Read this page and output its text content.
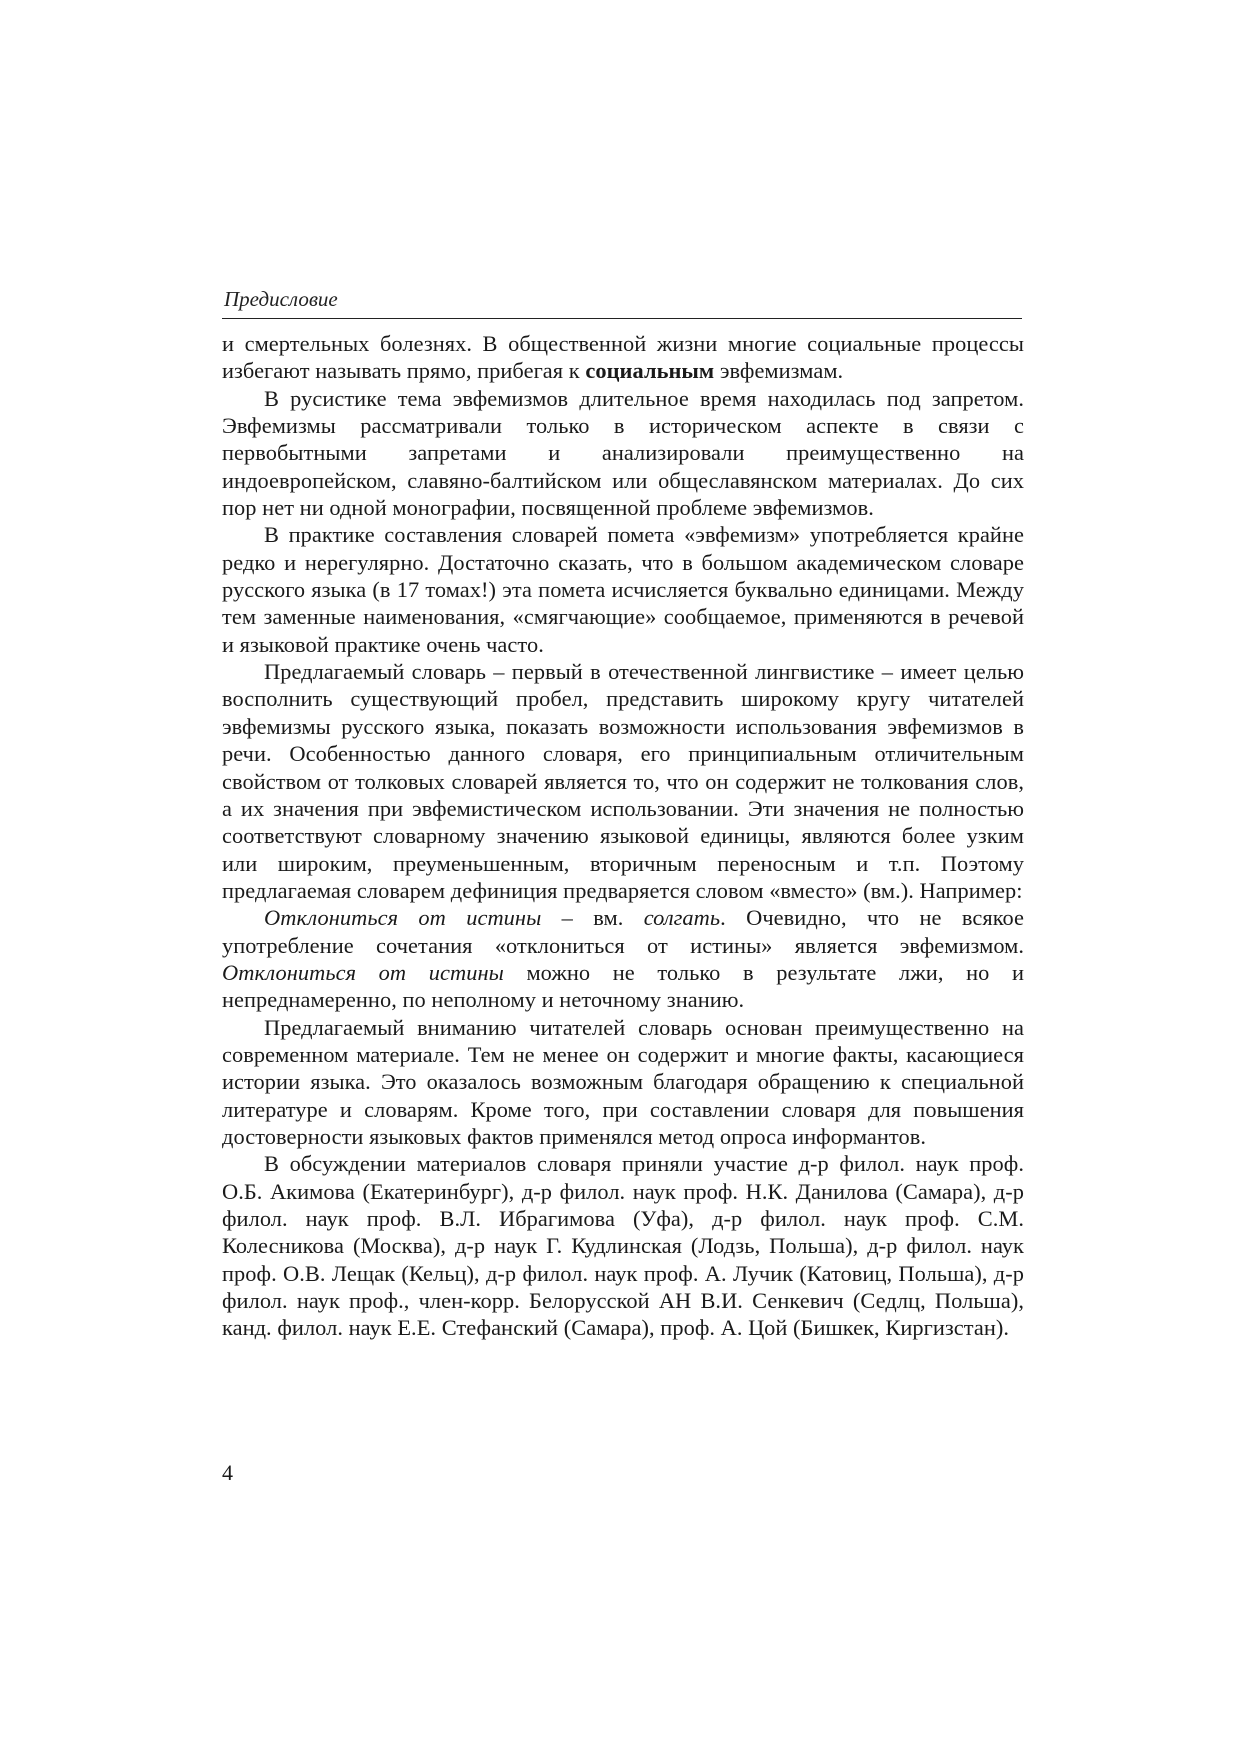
Предисловие

и смертельных болезнях. В общественной жизни многие социальные процессы избегают называть прямо, прибегая к социальным эвфемизмам.

В русистике тема эвфемизмов длительное время находилась под запретом. Эвфемизмы рассматривали только в историческом аспекте в связи с первобытными запретами и анализировали преимущественно на индоевропейском, славяно-балтийском или общеславянском материалах. До сих пор нет ни одной монографии, посвященной проблеме эвфемизмов.

В практике составления словарей помета «эвфемизм» употребляется крайне редко и нерегулярно. Достаточно сказать, что в большом академическом словаре русского языка (в 17 томах!) эта помета исчисляется буквально единицами. Между тем заменные наименования, «смягчающие» сообщаемое, применяются в речевой и языковой практике очень часто.

Предлагаемый словарь – первый в отечественной лингвистике – имеет целью восполнить существующий пробел, представить широкому кругу читателей эвфемизмы русского языка, показать возможности использования эвфемизмов в речи. Особенностью данного словаря, его принципиальным отличительным свойством от толковых словарей является то, что он содержит не толкования слов, а их значения при эвфемистическом использовании. Эти значения не полностью соответствуют словарному значению языковой единицы, являются более узким или широким, преуменьшенным, вторичным переносным и т.п. Поэтому предлагаемая словарем дефиниция предваряется словом «вместо» (вм.). Например:

Отклониться от истины – вм. солгать. Очевидно, что не всякое употребление сочетания «отклониться от истины» является эвфемизмом. Отклониться от истины можно не только в результате лжи, но и непреднамеренно, по неполному и неточному знанию.

Предлагаемый вниманию читателей словарь основан преимущественно на современном материале. Тем не менее он содержит и многие факты, касающиеся истории языка. Это оказалось возможным благодаря обращению к специальной литературе и словарям. Кроме того, при составлении словаря для повышения достоверности языковых фактов применялся метод опроса информантов.

В обсуждении материалов словаря приняли участие д-р филол. наук проф. О.Б. Акимова (Екатеринбург), д-р филол. наук проф. Н.К. Данилова (Самара), д-р филол. наук проф. В.Л. Ибрагимова (Уфа), д-р филол. наук проф. С.М. Колесникова (Москва), д-р наук Г. Кудлинская (Лодзь, Польша), д-р филол. наук проф. О.В. Лещак (Кельц), д-р филол. наук проф. А. Лучик (Катовиц, Польша), д-р филол. наук проф., член-корр. Белорусской АН В.И. Сенкевич (Седлц, Польша), канд. филол. наук Е.Е. Стефанский (Самара), проф. А. Цой (Бишкек, Киргизстан).

4
